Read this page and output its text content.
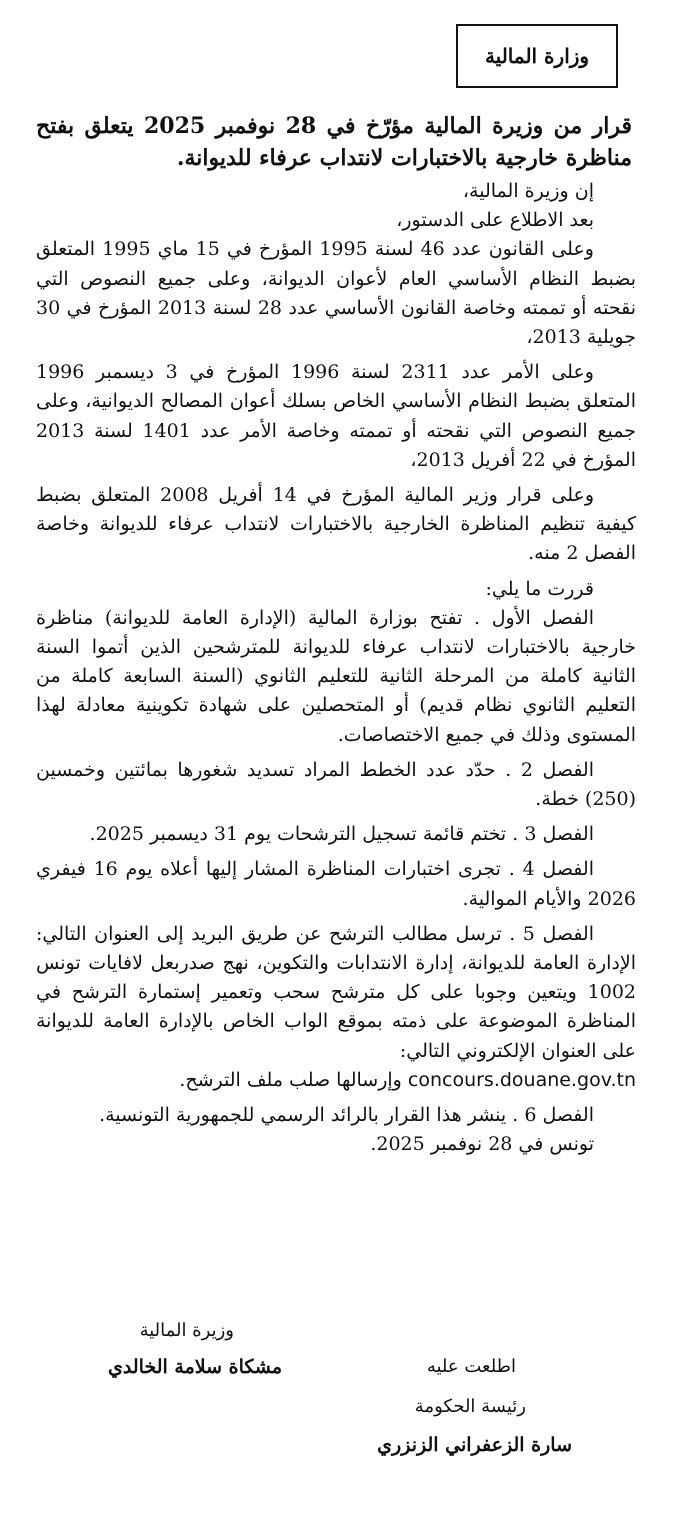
وزارة المالية
قرار من وزيرة المالية مؤرّخ في 28 نوفمبر 2025 يتعلق بفتح مناظرة خارجية بالاختبارات لانتداب عرفاء للديوانة.

إن وزيرة المالية،

بعد الاطلاع على الدستور،

وعلى القانون عدد 46 لسنة 1995 المؤرخ في 15 ماي 1995 المتعلق بضبط النظام الأساسي العام لأعوان الديوانة، وعلى جميع النصوص التي نقحته أو تممته وخاصة القانون الأساسي عدد 28 لسنة 2013 المؤرخ في 30 جويلية 2013،

وعلى الأمر عدد 2311 لسنة 1996 المؤرخ في 3 ديسمبر 1996 المتعلق بضبط النظام الأساسي الخاص بسلك أعوان المصالح الديوانية، وعلى جميع النصوص التي نقحته أو تممته وخاصة الأمر عدد 1401 لسنة 2013 المؤرخ في 22 أفريل 2013،

وعلى قرار وزير المالية المؤرخ في 14 أفريل 2008 المتعلق بضبط كيفية تنظيم المناظرة الخارجية بالاختبارات لانتداب عرفاء للديوانة وخاصة الفصل 2 منه.

قررت ما يلي:

الفصل الأول . تفتح بوزارة المالية (الإدارة العامة للديوانة) مناظرة خارجية بالاختبارات لانتداب عرفاء للديوانة للمترشحين الذين أتموا السنة الثانية كاملة من المرحلة الثانية للتعليم الثانوي (السنة السابعة كاملة من التعليم الثانوي نظام قديم) أو المتحصلين على شهادة تكوينية معادلة لهذا المستوى وذلك في جميع الاختصاصات.

الفصل 2 . حدّد عدد الخطط المراد تسديد شغورها بمائتين وخمسين (250) خطة.

الفصل 3 . تختم قائمة تسجيل الترشحات يوم 31 ديسمبر 2025.

الفصل 4 . تجرى اختبارات المناظرة المشار إليها أعلاه يوم 16 فيفري 2026 والأيام الموالية.

الفصل 5 . ترسل مطالب الترشح عن طريق البريد إلى العنوان التالي: الإدارة العامة للديوانة، إدارة الانتدابات والتكوين، نهج صدربعل لافايات تونس 1002 ويتعين وجوبا على كل مترشح سحب وتعمير إستمارة الترشح في المناظرة الموضوعة على ذمته بموقع الواب الخاص بالإدارة العامة للديوانة على العنوان الإلكتروني التالي:

concours.douane.gov.tn وإرسالها صلب ملف الترشح.

الفصل 6 . ينشر هذا القرار بالرائد الرسمي للجمهورية التونسية.

تونس في 28 نوفمبر 2025.

وزيرة المالية
مشكاة سلامة الخالدي	اطلعت عليه
رئيسة الحكومة
سارة الزعفراني الزنزري
